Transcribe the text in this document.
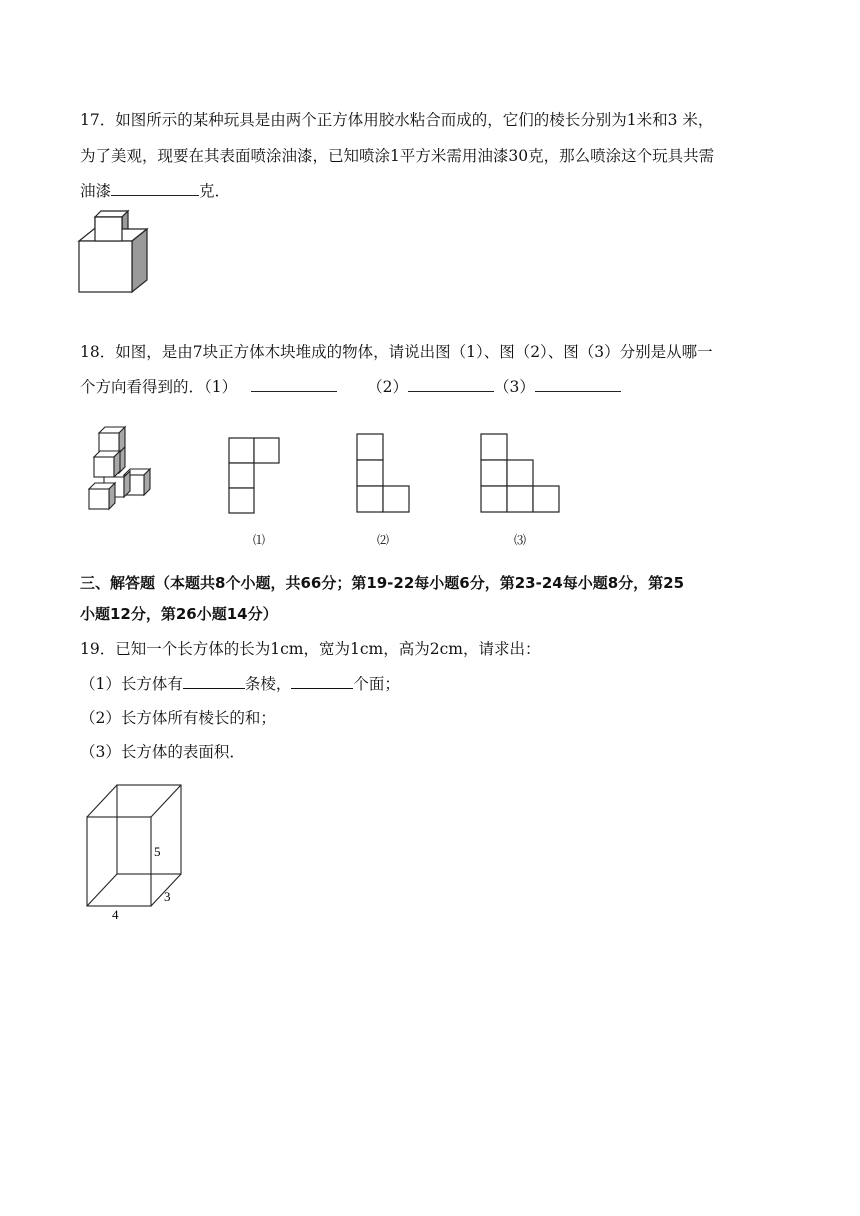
17．如图所示的某种玩具是由两个正方体用胶水粘合而成的，它们的棱长分别为1米和3 米，
为了美观，现要在其表面喷涂油漆，已知喷涂1平方米需用油漆30克，那么喷涂这个玩具共需
油漆	克．
18．如图，是由7块正方体木块堆成的物体，请说出图（1）、图（2）、图（3）分别是从哪一
个方向看得到的．（1）	（2）	（3）
⑴	⑵	⑶
三、解答题（本题共8个小题，共66分；第19-22每小题6分，第23-24每小题8分，第25
小题12分，第26小题14分）
19．已知一个长方体的长为1cm，宽为1cm，高为2cm，请求出：
（1）长方体有	条棱，	个面；
（2）长方体所有棱长的和；
（3）长方体的表面积．
5
3
4
